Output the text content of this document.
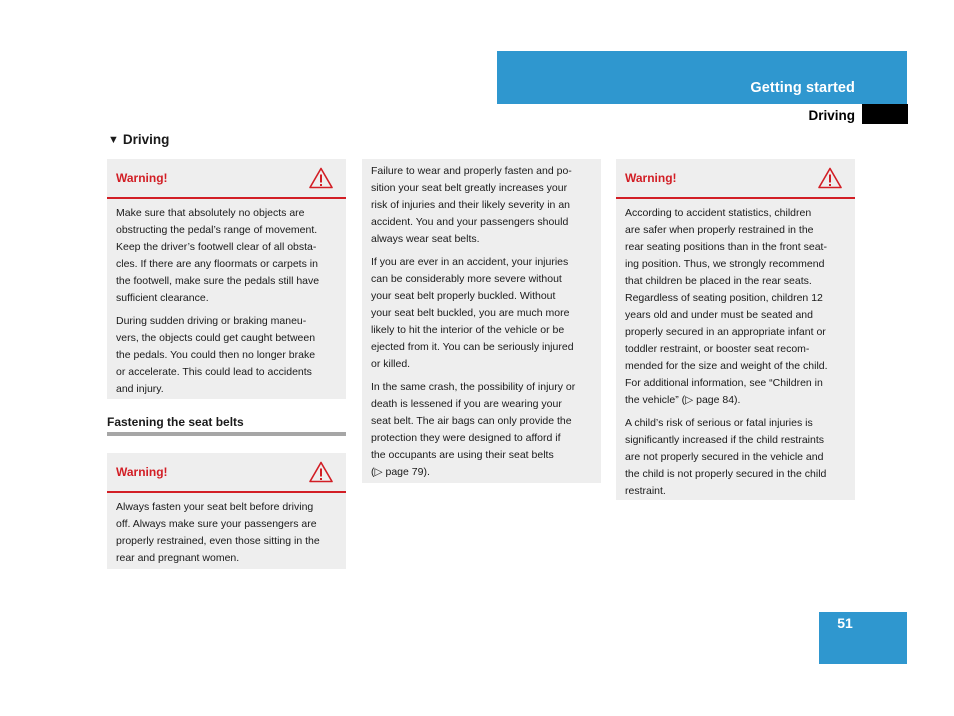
Getting started
Driving
▼ Driving
Warning!
Make sure that absolutely no objects are
obstructing the pedal’s range of movement.
Keep the driver’s footwell clear of all obsta-
cles. If there are any floormats or carpets in
the footwell, make sure the pedals still have
sufficient clearance.
During sudden driving or braking maneu-
vers, the objects could get caught between
the pedals. You could then no longer brake
or accelerate. This could lead to accidents
and injury.
Fastening the seat belts
Warning!
Always fasten your seat belt before driving
off. Always make sure your passengers are
properly restrained, even those sitting in the
rear and pregnant women.
Failure to wear and properly fasten and po-
sition your seat belt greatly increases your
risk of injuries and their likely severity in an
accident. You and your passengers should
always wear seat belts.
If you are ever in an accident, your injuries
can be considerably more severe without
your seat belt properly buckled. Without
your seat belt buckled, you are much more
likely to hit the interior of the vehicle or be
ejected from it. You can be seriously injured
or killed.
In the same crash, the possibility of injury or
death is lessened if you are wearing your
seat belt. The air bags can only provide the
protection they were designed to afford if
the occupants are using their seat belts
(▷ page 79).
Warning!
According to accident statistics, children
are safer when properly restrained in the
rear seating positions than in the front seat-
ing position. Thus, we strongly recommend
that children be placed in the rear seats.
Regardless of seating position, children 12
years old and under must be seated and
properly secured in an appropriate infant or
toddler restraint, or booster seat recom-
mended for the size and weight of the child.
For additional information, see “Children in
the vehicle” (▷ page 84).
A child’s risk of serious or fatal injuries is
significantly increased if the child restraints
are not properly secured in the vehicle and
the child is not properly secured in the child
restraint.
51
